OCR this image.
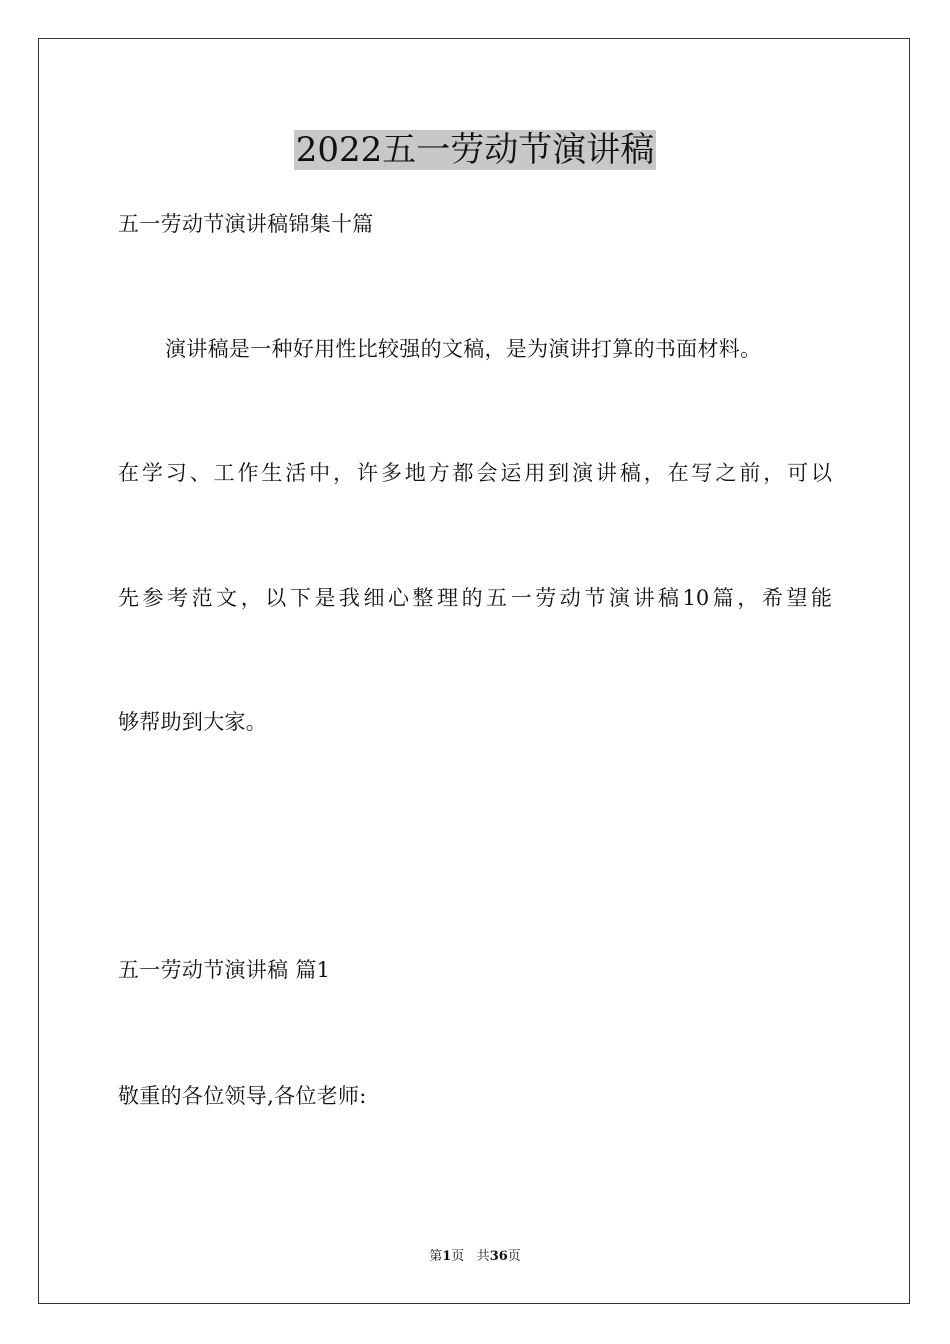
2022五一劳动节演讲稿
五一劳动节演讲稿锦集十篇
演讲稿是一种好用性比较强的文稿，是为演讲打算的书面材料。
在学习、工作生活中，许多地方都会运用到演讲稿，在写之前，可以
先参考范文，以下是我细心整理的五一劳动节演讲稿10篇，希望能
够帮助到大家。
五一劳动节演讲稿 篇1
敬重的各位领导,各位老师:
第1页 共36页
